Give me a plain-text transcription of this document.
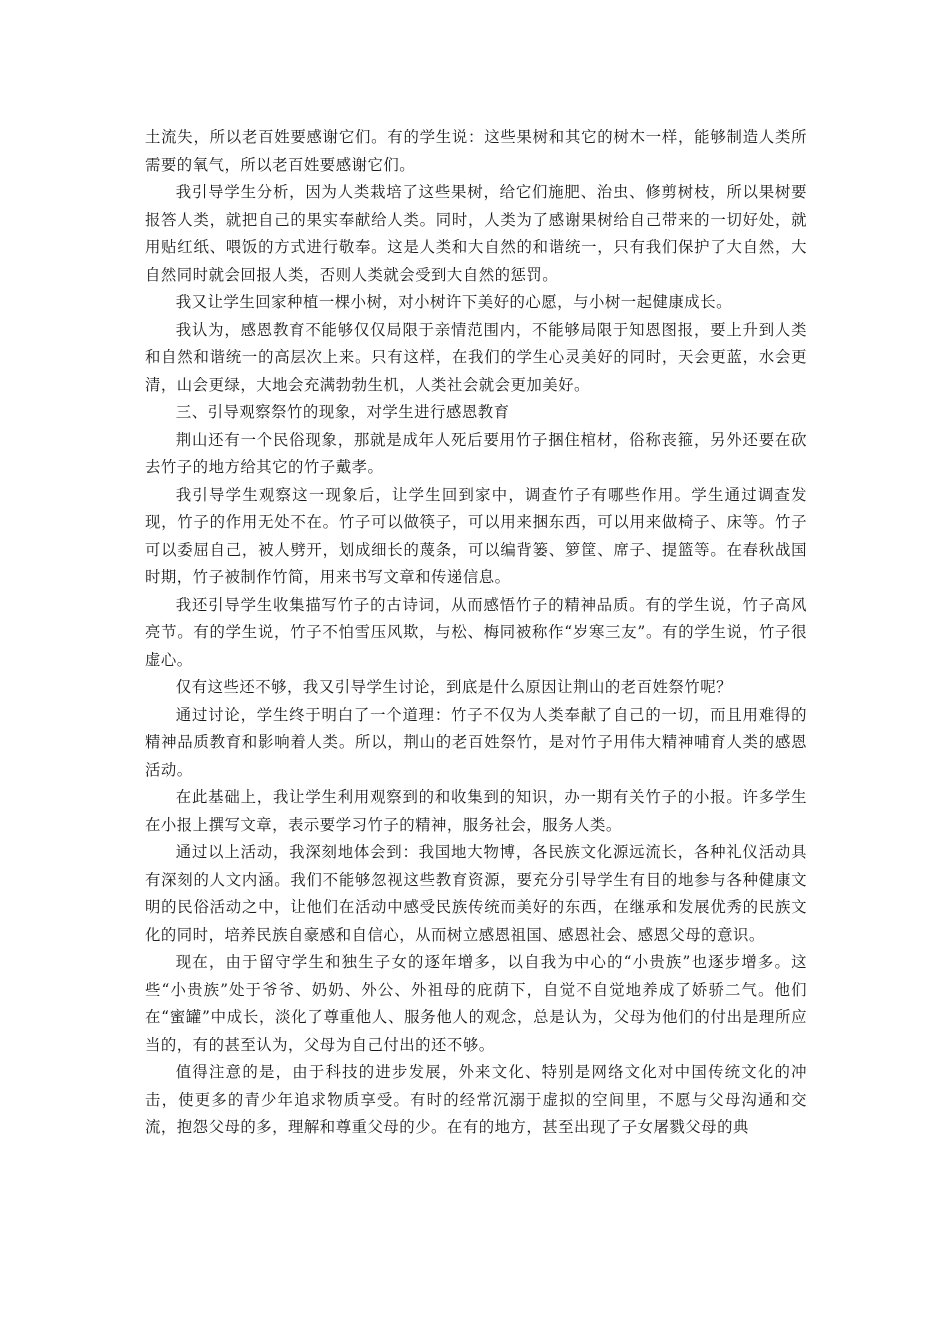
土流失，所以老百姓要感谢它们。有的学生说：这些果树和其它的树木一样，能够制造人类所需要的氧气，所以老百姓要感谢它们。

我引导学生分析，因为人类栽培了这些果树，给它们施肥、治虫、修剪树枝，所以果树要报答人类，就把自己的果实奉献给人类。同时，人类为了感谢果树给自己带来的一切好处，就用贴红纸、喂饭的方式进行敬奉。这是人类和大自然的和谐统一，只有我们保护了大自然，大自然同时就会回报人类，否则人类就会受到大自然的惩罚。

我又让学生回家种植一棵小树，对小树许下美好的心愿，与小树一起健康成长。

我认为，感恩教育不能够仅仅局限于亲情范围内，不能够局限于知恩图报，要上升到人类和自然和谐统一的高层次上来。只有这样，在我们的学生心灵美好的同时，天会更蓝，水会更清，山会更绿，大地会充满勃勃生机，人类社会就会更加美好。

三、引导观察祭竹的现象，对学生进行感恩教育

荆山还有一个民俗现象，那就是成年人死后要用竹子捆住棺材，俗称丧箍，另外还要在砍去竹子的地方给其它的竹子戴孝。

我引导学生观察这一现象后，让学生回到家中，调查竹子有哪些作用。学生通过调查发现，竹子的作用无处不在。竹子可以做筷子，可以用来捆东西，可以用来做椅子、床等。竹子可以委屈自己，被人劈开，划成细长的蔑条，可以编背篓、箩筐、席子、提篮等。在春秋战国时期，竹子被制作竹简，用来书写文章和传递信息。

我还引导学生收集描写竹子的古诗词，从而感悟竹子的精神品质。有的学生说，竹子高风亮节。有的学生说，竹子不怕雪压风欺，与松、梅同被称作“岁寒三友”。有的学生说，竹子很虚心。

仅有这些还不够，我又引导学生讨论，到底是什么原因让荆山的老百姓祭竹呢？

通过讨论，学生终于明白了一个道理：竹子不仅为人类奉献了自己的一切，而且用难得的精神品质教育和影响着人类。所以，荆山的老百姓祭竹，是对竹子用伟大精神哺育人类的感恩活动。

在此基础上，我让学生利用观察到的和收集到的知识，办一期有关竹子的小报。许多学生在小报上撰写文章，表示要学习竹子的精神，服务社会，服务人类。

通过以上活动，我深刻地体会到：我国地大物博，各民族文化源远流长，各种礼仪活动具有深刻的人文内涵。我们不能够忽视这些教育资源，要充分引导学生有目的地参与各种健康文明的民俗活动之中，让他们在活动中感受民族传统而美好的东西，在继承和发展优秀的民族文化的同时，培养民族自豪感和自信心，从而树立感恩祖国、感恩社会、感恩父母的意识。

现在，由于留守学生和独生子女的逐年增多，以自我为中心的“小贵族”也逐步增多。这些“小贵族”处于爷爷、奶奶、外公、外祖母的庇荫下，自觉不自觉地养成了娇骄二气。他们在“蜜罐”中成长，淡化了尊重他人、服务他人的观念，总是认为，父母为他们的付出是理所应当的，有的甚至认为，父母为自己付出的还不够。

值得注意的是，由于科技的进步发展，外来文化、特别是网络文化对中国传统文化的冲击，使更多的青少年追求物质享受。有时的经常沉溺于虚拟的空间里，不愿与父母沟通和交流，抱怨父母的多，理解和尊重父母的少。在有的地方，甚至出现了子女屠戮父母的典
